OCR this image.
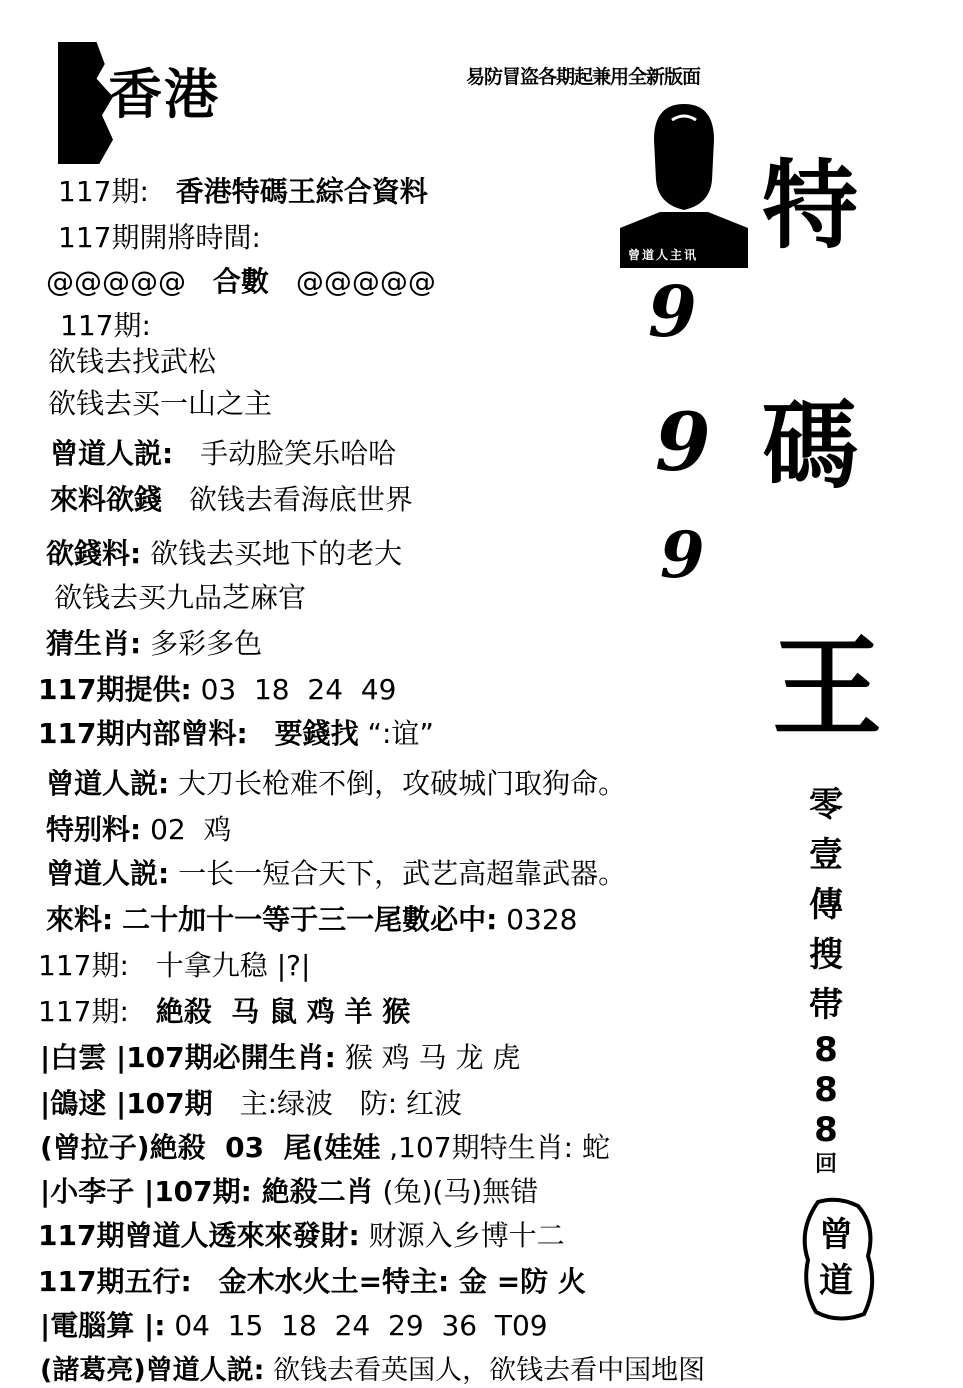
香港	易防冒盗各期起兼用全新版面
曾道人主讯
9
9
9
特
碼
王
零
壹
傳
搜
帯
8
8
8
回
曾
道
117期: 香港特碼王綜合資料
117期開將時間:
@@@@@ 合數 @@@@@
117期:
欲钱去找武松
欲钱去买一山之主
曾道人説: 手动脸笑乐哈哈
來料欲錢 欲钱去看海底世界
欲錢料: 欲钱去买地下的老大
欲钱去买九品芝麻官
猜生肖: 多彩多色
117期提供: 03  18  24  49
117期内部曾料: 要錢找 “:谊”
曾道人説: 大刀长枪难不倒，攻破城门取狗命。
特别料: 02  鸡
曾道人説: 一长一短合天下，武艺高超靠武器。
來料: 二十加十一等于三一尾數必中: 0328
117期: 十拿九稳 |?|
117期: 絶殺  马 鼠 鸡 羊 猴
|白雲 |107期必開生肖: 猴 鸡 马 龙 虎
|鴿逑 |107期 主:绿波   防: 红波
(曾拉子)絶殺  03  尾(娃娃 ,107期特生肖: 蛇
|小李子 |107期: 絶殺二肖 (兔)(马)無错
117期曾道人透來來發財: 财源入乡博十二
117期五行: 金木水火土=特主: 金 =防 火
|電腦算 |: 04  15  18  24  29  36  T09
(諸葛亮)曾道人説: 欲钱去看英国人，欲钱去看中国地图
